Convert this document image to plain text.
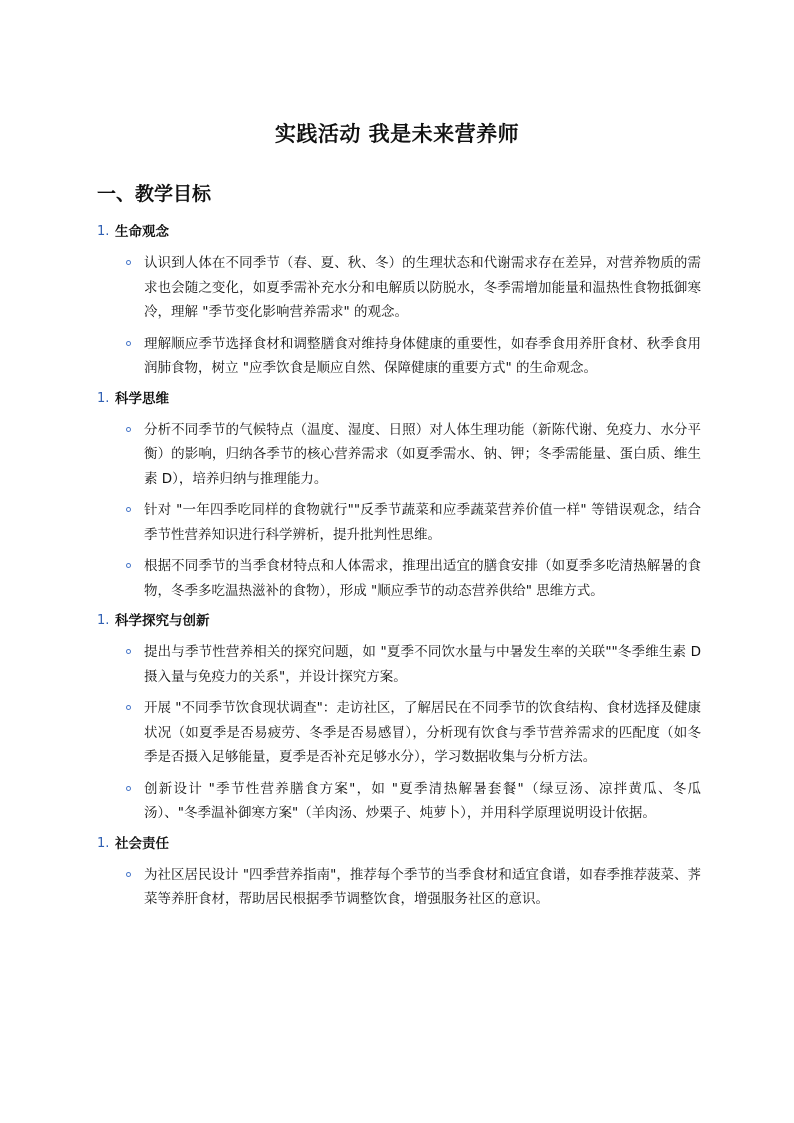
实践活动 我是未来营养师
一、教学目标
1. 生命观念
认识到人体在不同季节（春、夏、秋、冬）的生理状态和代谢需求存在差异，对营养物质的需求也会随之变化，如夏季需补充水分和电解质以防脱水，冬季需增加能量和温热性食物抵御寒冷，理解 "季节变化影响营养需求" 的观念。
理解顺应季节选择食材和调整膳食对维持身体健康的重要性，如春季食用养肝食材、秋季食用润肺食物，树立 "应季饮食是顺应自然、保障健康的重要方式" 的生命观念。
1. 科学思维
分析不同季节的气候特点（温度、湿度、日照）对人体生理功能（新陈代谢、免疫力、水分平衡）的影响，归纳各季节的核心营养需求（如夏季需水、钠、钾；冬季需能量、蛋白质、维生素 D），培养归纳与推理能力。
针对 "一年四季吃同样的食物就行""反季节蔬菜和应季蔬菜营养价值一样" 等错误观念，结合季节性营养知识进行科学辨析，提升批判性思维。
根据不同季节的当季食材特点和人体需求，推理出适宜的膳食安排（如夏季多吃清热解暑的食物，冬季多吃温热滋补的食物），形成 "顺应季节的动态营养供给" 思维方式。
1. 科学探究与创新
提出与季节性营养相关的探究问题，如 "夏季不同饮水量与中暑发生率的关联""冬季维生素 D 摄入量与免疫力的关系"，并设计探究方案。
开展 "不同季节饮食现状调查"：走访社区，了解居民在不同季节的饮食结构、食材选择及健康状况（如夏季是否易疲劳、冬季是否易感冒），分析现有饮食与季节营养需求的匹配度（如冬季是否摄入足够能量，夏季是否补充足够水分），学习数据收集与分析方法。
创新设计 "季节性营养膳食方案"，如 "夏季清热解暑套餐"（绿豆汤、凉拌黄瓜、冬瓜汤）、"冬季温补御寒方案"（羊肉汤、炒栗子、炖萝卜），并用科学原理说明设计依据。
1. 社会责任
为社区居民设计 "四季营养指南"，推荐每个季节的当季食材和适宜食谱，如春季推荐菠菜、荠菜等养肝食材，帮助居民根据季节调整饮食，增强服务社区的意识。
